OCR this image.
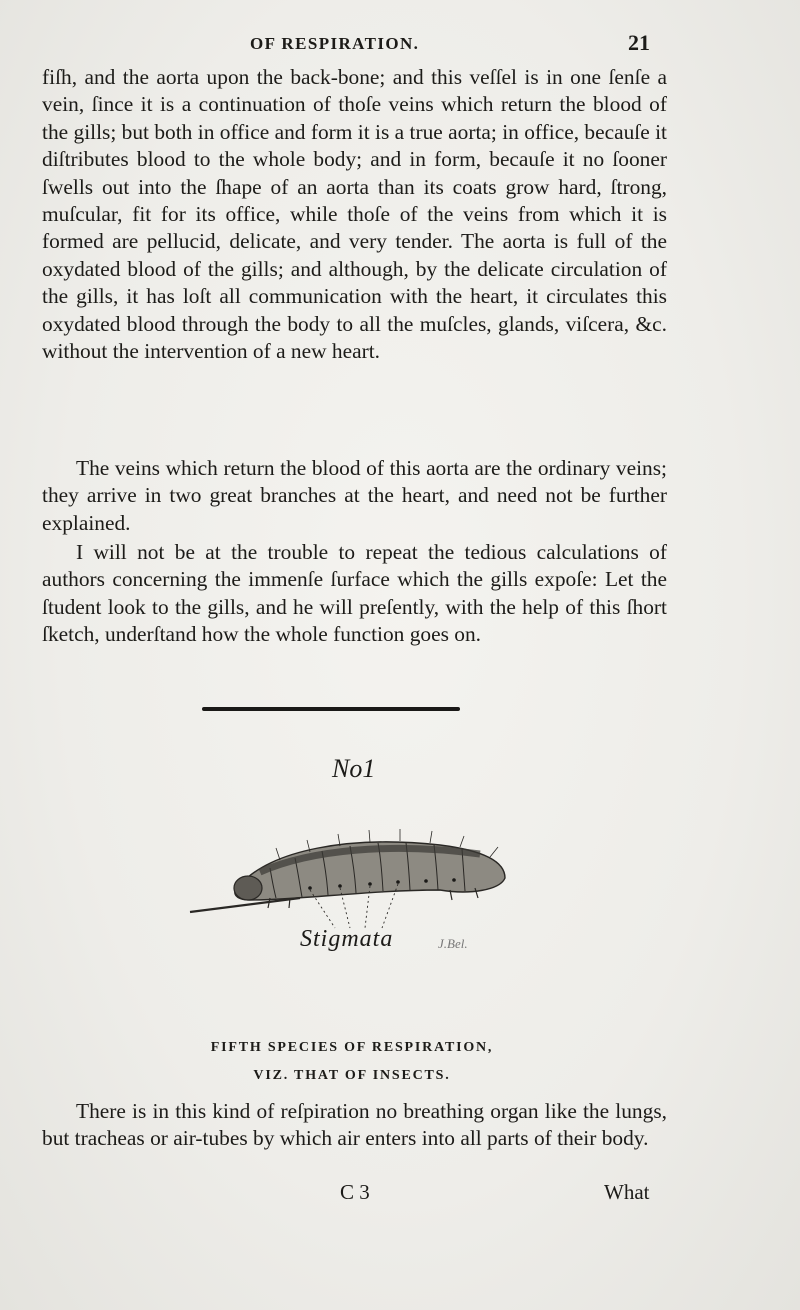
OF RESPIRATION.	21

fiſh, and the aorta upon the back-bone; and this veſſel is in one ſenſe a vein, ſince it is a continuation of thoſe veins which return the blood of the gills; but both in office and form it is a true aorta; in office, becauſe it diſtributes blood to the whole body; and in form, becauſe it no ſooner ſwells out into the ſhape of an aorta than its coats grow hard, ſtrong, muſcular, fit for its office, while thoſe of the veins from which it is formed are pellucid, delicate, and very tender. The aorta is full of the oxydated blood of the gills; and although, by the delicate circulation of the gills, it has loſt all communication with the heart, it circulates this oxydated blood through the body to all the muſcles, glands, viſcera, &c. without the intervention of a new heart.

The veins which return the blood of this aorta are the ordinary veins; they arrive in two great branches at the heart, and need not be further explained.

I will not be at the trouble to repeat the tedious calculations of authors concerning the immenſe ſurface which the gills expoſe: Let the ſtudent look to the gills, and he will preſently, with the help of this ſhort ſketch, underſtand how the whole function goes on.

No1
Stigmata	J.Bel.

FIFTH SPECIES OF RESPIRATION,

VIZ. THAT OF INSECTS.

There is in this kind of reſpiration no breathing organ like the lungs, but tracheas or air-tubes by which air enters into all parts of their body.

C 3	What
